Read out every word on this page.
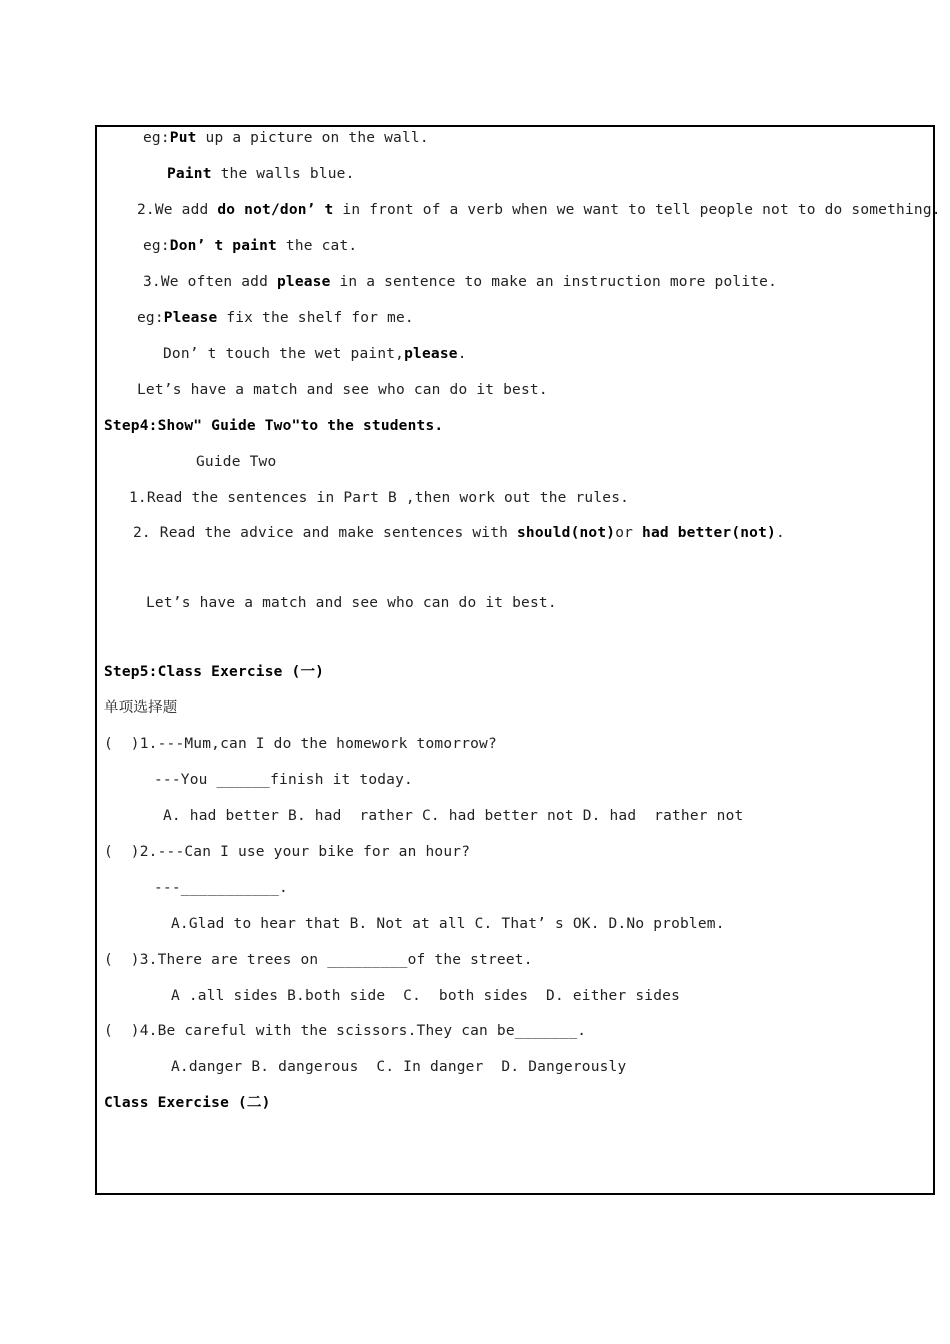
eg:Put up a picture on the wall.
Paint the walls blue.
2.We add do not/don’ t in front of a verb when we want to tell people not to do something.
eg:Don’ t paint the cat.
3.We often add please in a sentence to make an instruction more polite.
eg:Please fix the shelf for me.
Don’ t touch the wet paint,please.
Let’s have a match and see who can do it best.
Step4:Show" Guide Two"to the students.
Guide Two
1.Read the sentences in Part B ,then work out the rules.
2. Read the advice and make sentences with should(not)or had better(not).
Let’s have a match and see who can do it best.
Step5:Class Exercise (一)
单项选择题
(  )1.---Mum,can I do the homework tomorrow?
---You ______finish it today.
A. had better B. had  rather C. had better not D. had  rather not
(  )2.---Can I use your bike for an hour?
---___________.
A.Glad to hear that B. Not at all C. That’ s OK. D.No problem.
(  )3.There are trees on _________of the street.
A .all sides B.both side  C.  both sides  D. either sides
(  )4.Be careful with the scissors.They can be_______.
A.danger B. dangerous  C. In danger  D. Dangerously
Class Exercise (二)
